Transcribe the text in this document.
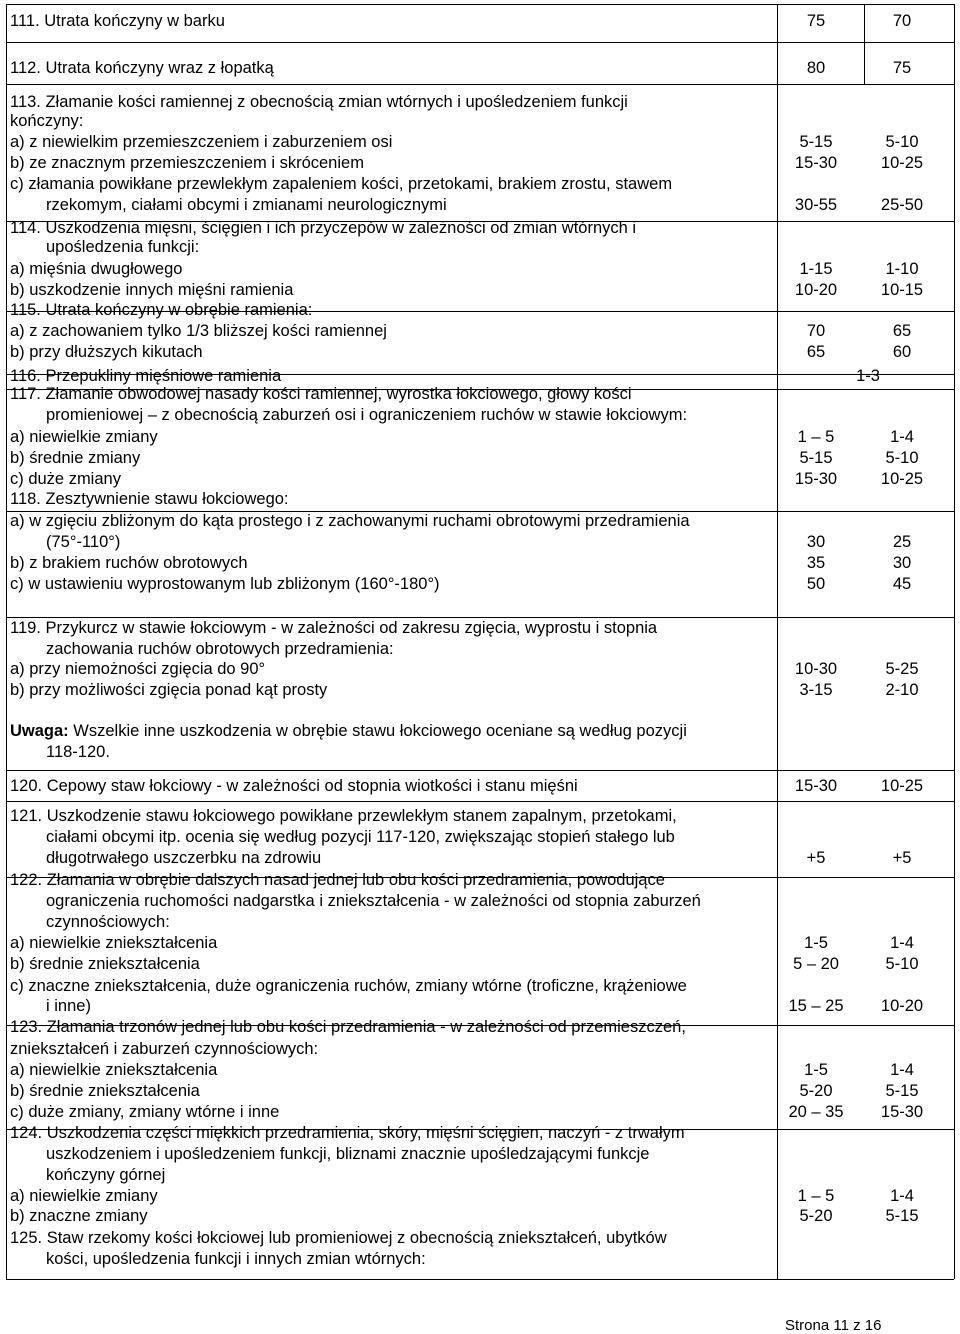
111. Utrata kończyny w barku	75	70
112. Utrata kończyny wraz z łopatką	80	75
113. Złamanie kości ramiennej z obecnością zmian wtórnych i upośledzeniem funkcji
kończyny:
a) z niewielkim przemieszczeniem i zaburzeniem osi	5-15	5-10
b) ze znacznym przemieszczeniem i skróceniem	15-30	10-25
c) złamania powikłane przewlekłym zapaleniem kości, przetokami, brakiem zrostu, stawem
rzekomym, ciałami obcymi i zmianami neurologicznymi	30-55	25-50
114. Uszkodzenia mięsni, ścięgien i ich przyczepów w zależności od zmian wtórnych i
upośledzenia funkcji:
a) mięśnia dwugłowego	1-15	1-10
b) uszkodzenie innych mięśni ramienia	10-20	10-15
115. Utrata kończyny w obrębie ramienia:
a) z zachowaniem tylko 1/3 bliższej kości ramiennej	70	65
b) przy dłuższych kikutach	65	60
116. Przepukliny mięśniowe ramienia	1-3
117. Złamanie obwodowej nasady kości ramiennej, wyrostka łokciowego, głowy kości
promieniowej – z obecnością zaburzeń osi i ograniczeniem ruchów w stawie łokciowym:
a) niewielkie zmiany	1 – 5	1-4
b) średnie zmiany	5-15	5-10
c) duże zmiany	15-30	10-25
118. Zesztywnienie stawu łokciowego:
a) w zgięciu zbliżonym do kąta prostego i z zachowanymi ruchami obrotowymi przedramienia
(75°-110°)	30	25
b) z brakiem ruchów obrotowych	35	30
c) w ustawieniu wyprostowanym lub zbliżonym (160°-180°)	50	45
119. Przykurcz w stawie łokciowym - w zależności od zakresu zgięcia, wyprostu i stopnia
zachowania ruchów obrotowych przedramienia:
a) przy niemożności zgięcia do 90°	10-30	5-25
b) przy możliwości zgięcia ponad kąt prosty	3-15	2-10
Uwaga: Wszelkie inne uszkodzenia w obrębie stawu łokciowego oceniane są według pozycji
118-120.
120. Cepowy staw łokciowy - w zależności od stopnia wiotkości i stanu mięśni	15-30	10-25
121. Uszkodzenie stawu łokciowego powikłane przewlekłym stanem zapalnym, przetokami,
ciałami obcymi itp. ocenia się według pozycji 117-120, zwiększając stopień stałego lub
długotrwałego uszczerbku na zdrowiu	+5	+5
122. Złamania w obrębie dalszych nasad jednej lub obu kości przedramienia, powodujące
ograniczenia ruchomości nadgarstka i zniekształcenia - w zależności od stopnia zaburzeń
czynnościowych:
a) niewielkie zniekształcenia	1-5	1-4
b) średnie zniekształcenia	5 – 20	5-10
c) znaczne zniekształcenia, duże ograniczenia ruchów, zmiany wtórne (troficzne, krążeniowe
i inne)	15 – 25	10-20
123. Złamania trzonów jednej lub obu kości przedramienia - w zależności od przemieszczeń,
zniekształceń i zaburzeń czynnościowych:
a) niewielkie zniekształcenia	1-5	1-4
b) średnie zniekształcenia	5-20	5-15
c) duże zmiany, zmiany wtórne i inne	20 – 35	15-30
124. Uszkodzenia części miękkich przedramienia, skóry, mięśni ścięgien, naczyń - z trwałym
uszkodzeniem i upośledzeniem funkcji, bliznami znacznie upośledzającymi funkcje
kończyny górnej
a) niewielkie zmiany	1 – 5	1-4
b) znaczne zmiany	5-20	5-15
125. Staw rzekomy kości łokciowej lub promieniowej z obecnością zniekształceń, ubytków
kości, upośledzenia funkcji i innych zmian wtórnych:
Strona 11 z 16
